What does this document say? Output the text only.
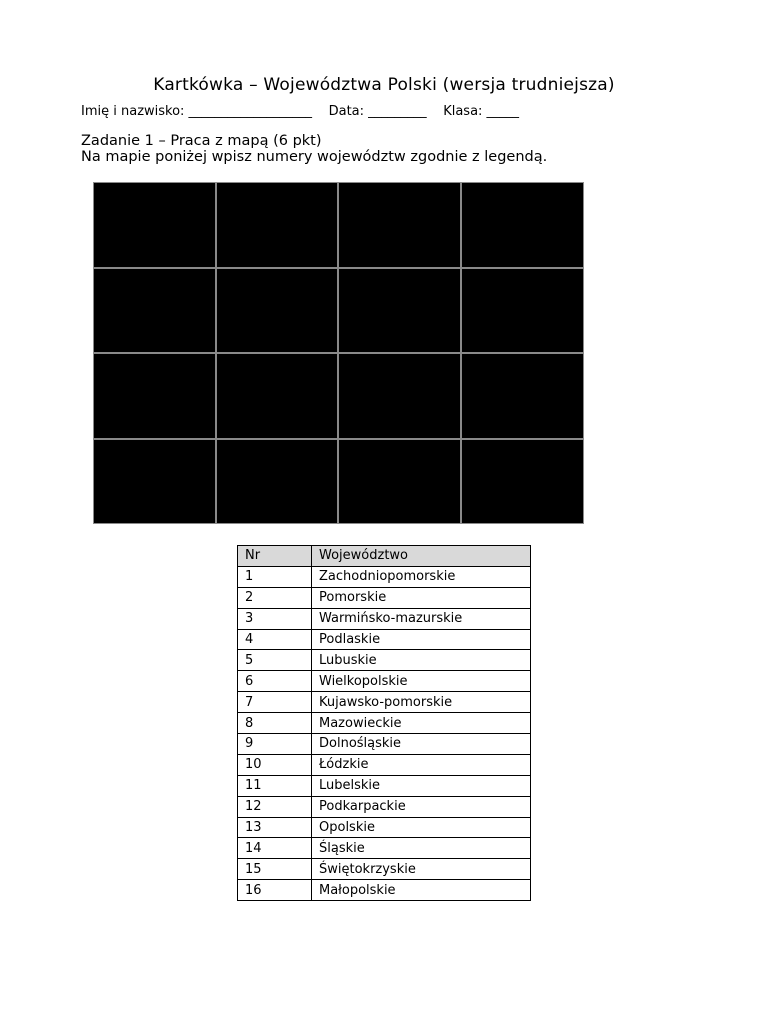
Kartkówka – Województwa Polski (wersja trudniejsza)
Imię i nazwisko: ___________________ Data: _________ Klasa: _____
Zadanie 1 – Praca z mapą (6 pkt)
Na mapie poniżej wpisz numery województw zgodnie z legendą.
Nr	Województwo
1	Zachodniopomorskie
2	Pomorskie
3	Warmińsko-mazurskie
4	Podlaskie
5	Lubuskie
6	Wielkopolskie
7	Kujawsko-pomorskie
8	Mazowieckie
9	Dolnośląskie
10	Łódzkie
11	Lubelskie
12	Podkarpackie
13	Opolskie
14	Śląskie
15	Świętokrzyskie
16	Małopolskie
